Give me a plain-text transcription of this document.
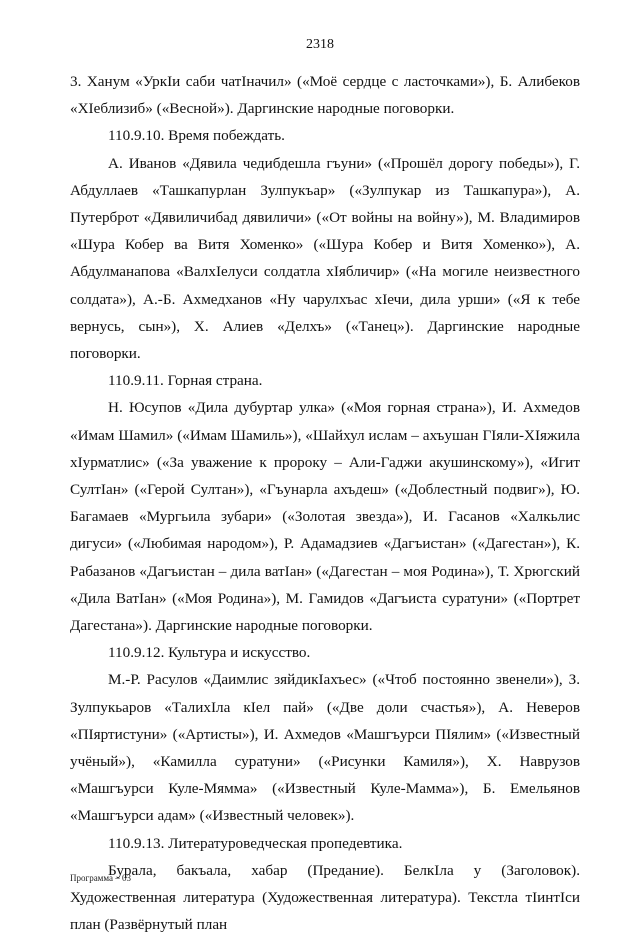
2318

3. Ханум «УркIи саби чатIначил» («Моё сердце с ласточками»), Б. Алибеков «ХIеблизиб» («Весной»). Даргинские народные поговорки.

110.9.10. Время побеждать.

А. Иванов «Дявила чедибдешла гъуни» («Прошёл дорогу победы»), Г. Абдуллаев «Ташкапурлан Зулпукъар» («Зулпукар из Ташкапура»), А. Путерброт «Дявиличибад дявиличи» («От войны на войну»), М. Владимиров «Шура Кобер ва Витя Хоменко» («Шура Кобер и Витя Хоменко»), А. Абдулманапова «ВалхIелуси солдатла хIябличир» («На могиле неизвестного солдата»), А.-Б. Ахмедханов «Ну чарулхъас хIечи, дила урши» («Я к тебе вернусь, сын»), Х. Алиев «Делхъ» («Танец»). Даргинские народные поговорки.

110.9.11. Горная страна.

Н. Юсупов «Дила дубуртар улка» («Моя горная страна»), И. Ахмедов «Имам Шамил» («Имам Шамиль»), «Шайхул ислам – ахъушан ГIяли-ХIяжила хIурматлис» («За уважение к пророку – Али-Гаджи акушинскому»), «Игит СултIан» («Герой Султан»), «Гъунарла ахъдеш» («Доблестный подвиг»), Ю. Багамаев «Мургьила зубари» («Золотая звезда»), И. Гасанов «Халкьлис дигуси» («Любимая народом»), Р. Адамадзиев «Дагъистан» («Дагестан»), К. Рабазанов «Дагъистан – дила ватIан» («Дагестан – моя Родина»), Т. Хрюгский «Дила ВатIан» («Моя Родина»), М. Гамидов «Дагъиста суратуни» («Портрет Дагестана»). Даргинские народные поговорки.

110.9.12. Культура и искусство.

М.-Р. Расулов «Даимлис зяйдикIахъес» («Чтоб постоянно звенели»), З. Зулпукьаров «ТалихIла кIел пай» («Две доли счастья»), А. Неверов «ПIяртистуни» («Артисты»), И. Ахмедов «Машгъурси ПIялим» («Известный учёный»), «Камилла суратуни» («Рисунки Камиля»), Х. Наврузов «Машгъурси Куле-Мямма» («Известный Куле-Мамма»), Б. Емельянов «Машгъурси адам» («Известный человек»).

110.9.13. Литературоведческая пропедевтика.

Бурала, бакъала, хабар (Предание). БелкIла у (Заголовок). Художественная литература (Художественная литература). Текстла тIинтIси план (Развёрнутый план

Программа – 03
